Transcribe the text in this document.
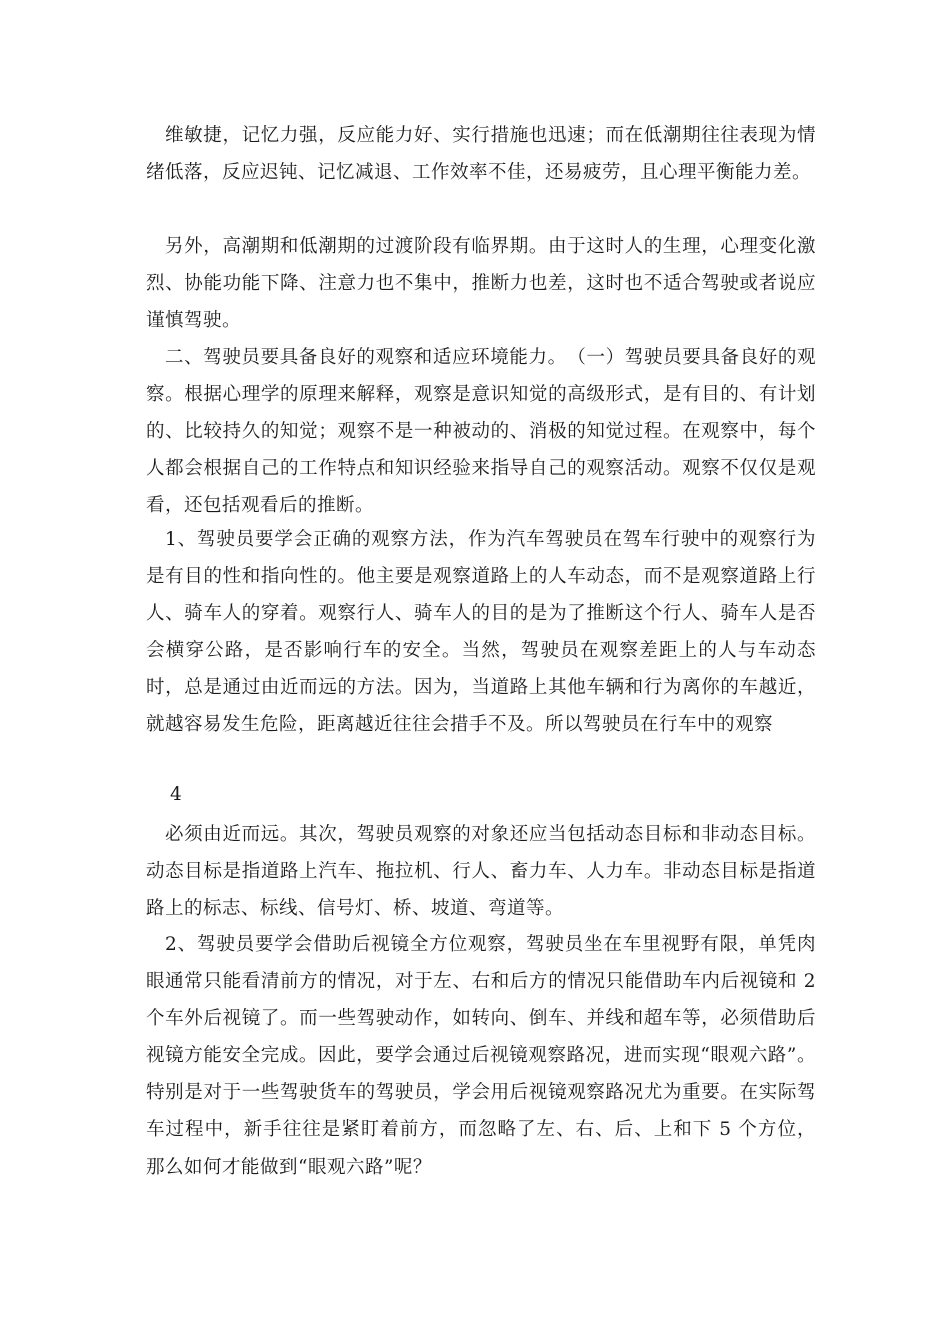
维敏捷，记忆力强，反应能力好、实行措施也迅速；而在低潮期往往表现为情绪低落，反应迟钝、记忆减退、工作效率不佳，还易疲劳，且心理平衡能力差。

另外，高潮期和低潮期的过渡阶段有临界期。由于这时人的生理，心理变化激烈、协能功能下降、注意力也不集中，推断力也差，这时也不适合驾驶或者说应谨慎驾驶。

二、驾驶员要具备良好的观察和适应环境能力。　（一）驾驶员要具备良好的观察。根据心理学的原理来解释，观察是意识知觉的高级形式，是有目的、有计划的、比较持久的知觉；观察不是一种被动的、消极的知觉过程。在观察中，每个人都会根据自己的工作特点和知识经验来指导自己的观察活动。观察不仅仅是观看，还包括观看后的推断。

1、驾驶员要学会正确的观察方法，作为汽车驾驶员在驾车行驶中的观察行为是有目的性和指向性的。他主要是观察道路上的人车动态，而不是观察道路上行人、骑车人的穿着。观察行人、骑车人的目的是为了推断这个行人、骑车人是否会横穿公路，是否影响行车的安全。当然，驾驶员在观察差距上的人与车动态时，总是通过由近而远的方法。因为，当道路上其他车辆和行为离你的车越近，就越容易发生危险，距离越近往往会措手不及。所以驾驶员在行车中的观察

4

必须由近而远。其次，驾驶员观察的对象还应当包括动态目标和非动态目标。动态目标是指道路上汽车、拖拉机、行人、畜力车、人力车。非动态目标是指道路上的标志、标线、信号灯、桥、坡道、弯道等。

2、驾驶员要学会借助后视镜全方位观察，驾驶员坐在车里视野有限，单凭肉眼通常只能看清前方的情况，对于左、右和后方的情况只能借助车内后视镜和 2 个车外后视镜了。而一些驾驶动作，如转向、倒车、并线和超车等，必须借助后视镜方能安全完成。因此，要学会通过后视镜观察路况，进而实现“眼观六路”。特别是对于一些驾驶货车的驾驶员，学会用后视镜观察路况尤为重要。在实际驾车过程中，新手往往是紧盯着前方，而忽略了左、右、后、上和下 5 个方位，那么如何才能做到“眼观六路”呢？
